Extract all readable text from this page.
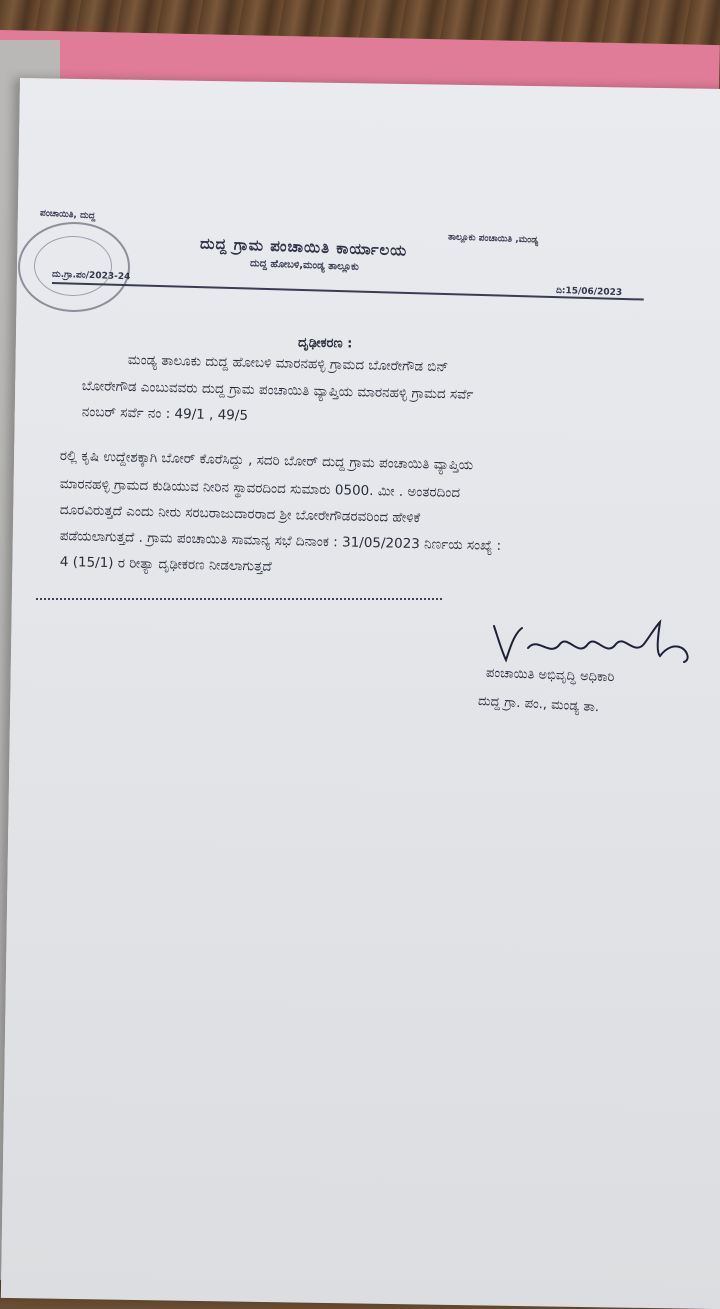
ಪಂಚಾಯಿತಿ, ದುದ್ದ
ತಾಲ್ಲೂಕು ಪಂಚಾಯಿತಿ ,ಮಂಡ್ಯ
ದುದ್ದ ಗ್ರಾಮ ಪಂಚಾಯಿತಿ ಕಾರ್ಯಾಲಯ
ದುದ್ದ ಹೋಬಳಿ,ಮಂಡ್ಯ ತಾಲ್ಲೂಕು
ದು.ಗ್ರಾ.ಪಂ/2023-24
ದಿ:15/06/2023
ದೃಢೀಕರಣ :
ಮಂಡ್ಯ ತಾಲೂಕು ದುದ್ದ ಹೋಬಳಿ ಮಾರನಹಳ್ಳಿ ಗ್ರಾಮದ ಬೋರೇಗೌಡ ಬಿನ್
ಬೋರೇಗೌಡ ಎಂಬುವವರು ದುದ್ದ ಗ್ರಾಮ ಪಂಚಾಯಿತಿ ವ್ಯಾಪ್ತಿಯ ಮಾರನಹಳ್ಳಿ ಗ್ರಾಮದ ಸರ್ವೆ
ನಂಬರ್ ಸರ್ವೆ ನಂ : 49/1 , 49/5
ರಲ್ಲಿ ಕೃಷಿ ಉದ್ದೇಶಕ್ಕಾಗಿ ಬೋರ್ ಕೊರೆಸಿದ್ದು , ಸದರಿ ಬೋರ್ ದುದ್ದ ಗ್ರಾಮ ಪಂಚಾಯಿತಿ ವ್ಯಾಪ್ತಿಯ
ಮಾರನಹಳ್ಳಿ ಗ್ರಾಮದ ಕುಡಿಯುವ ನೀರಿನ ಸ್ಥಾವರದಿಂದ ಸುಮಾರು 0500. ಮೀ . ಅಂತರದಿಂದ
ದೂರವಿರುತ್ತದೆ ಎಂದು ನೀರು ಸರಬರಾಜುದಾರರಾದ ಶ್ರೀ ಬೋರೇಗೌಡರವರಿಂದ ಹೇಳಿಕೆ
ಪಡೆಯಲಾಗುತ್ತದೆ . ಗ್ರಾಮ ಪಂಚಾಯಿತಿ ಸಾಮಾನ್ಯ ಸಭೆ ದಿನಾಂಕ : 31/05/2023 ನಿರ್ಣಯ ಸಂಖ್ಯೆ :
4 (15/1) ರ ರೀತ್ಯಾ ದೃಢೀಕರಣ ನೀಡಲಾಗುತ್ತದೆ
ಪಂಚಾಯಿತಿ ಅಭಿವೃದ್ಧಿ ಅಧಿಕಾರಿ
ದುದ್ದ ಗ್ರಾ. ಪಂ., ಮಂಡ್ಯ ತಾ.
